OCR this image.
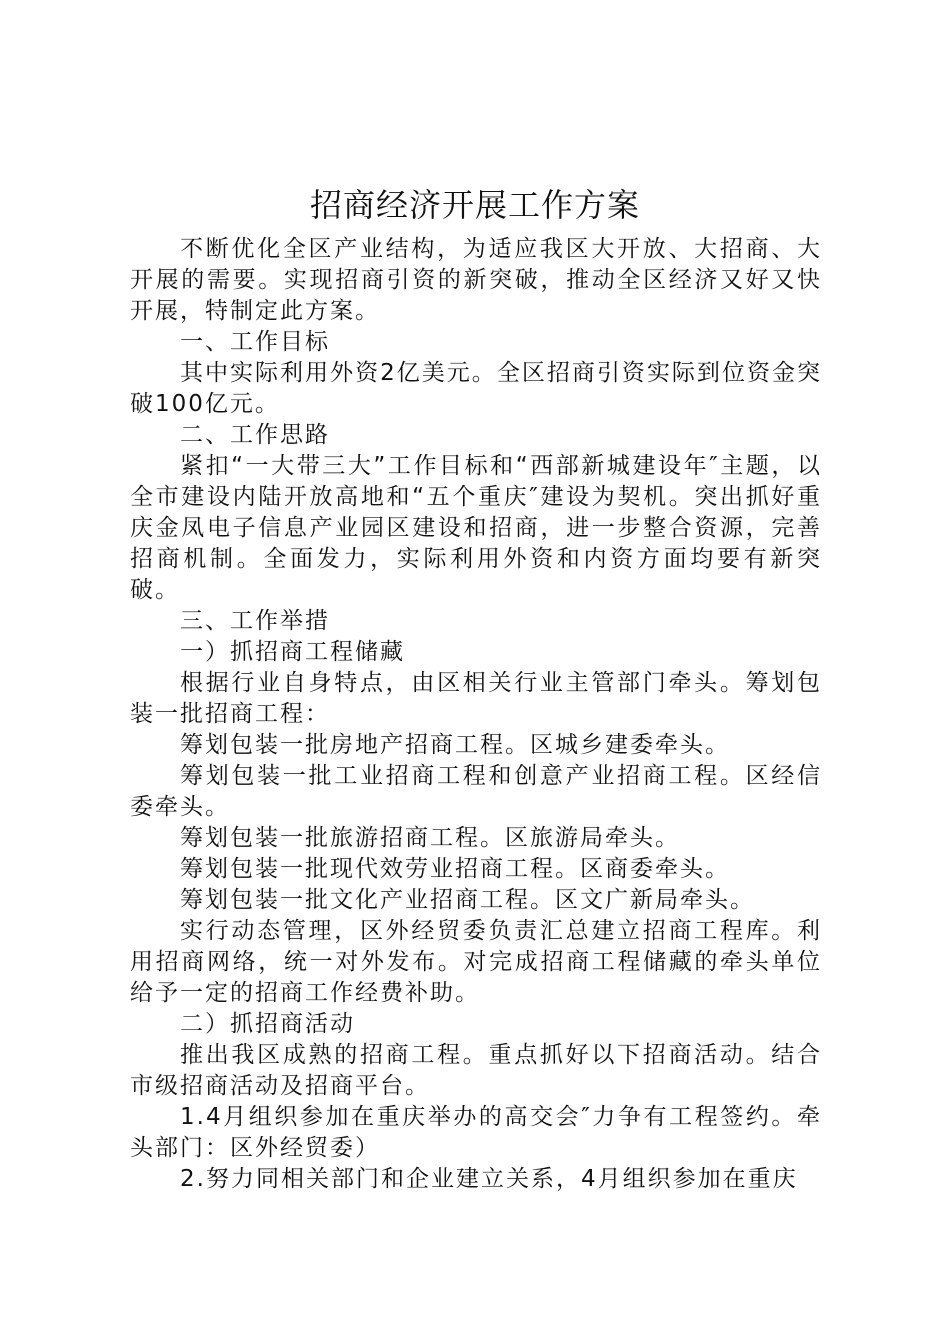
招商经济开展工作方案

不断优化全区产业结构，为适应我区大开放、大招商、大开展的需要。实现招商引资的新突破，推动全区经济又好又快开展，特制定此方案。

一、工作目标

其中实际利用外资2亿美元。全区招商引资实际到位资金突破100亿元。

二、工作思路

紧扣“一大带三大”工作目标和“西部新城建设年″主题，以全市建设内陆开放高地和“五个重庆″建设为契机。突出抓好重庆金凤电子信息产业园区建设和招商，进一步整合资源，完善招商机制。全面发力，实际利用外资和内资方面均要有新突破。

三、工作举措

一）抓招商工程储藏

根据行业自身特点，由区相关行业主管部门牵头。筹划包装一批招商工程：

筹划包装一批房地产招商工程。区城乡建委牵头。

筹划包装一批工业招商工程和创意产业招商工程。区经信委牵头。

筹划包装一批旅游招商工程。区旅游局牵头。

筹划包装一批现代效劳业招商工程。区商委牵头。

筹划包装一批文化产业招商工程。区文广新局牵头。

实行动态管理，区外经贸委负责汇总建立招商工程库。利用招商网络，统一对外发布。对完成招商工程储藏的牵头单位给予一定的招商工作经费补助。

二）抓招商活动

推出我区成熟的招商工程。重点抓好以下招商活动。结合市级招商活动及招商平台。

1.4月组织参加在重庆举办的高交会″力争有工程签约。牵头部门：区外经贸委）

2.努力同相关部门和企业建立关系，4月组织参加在重庆
